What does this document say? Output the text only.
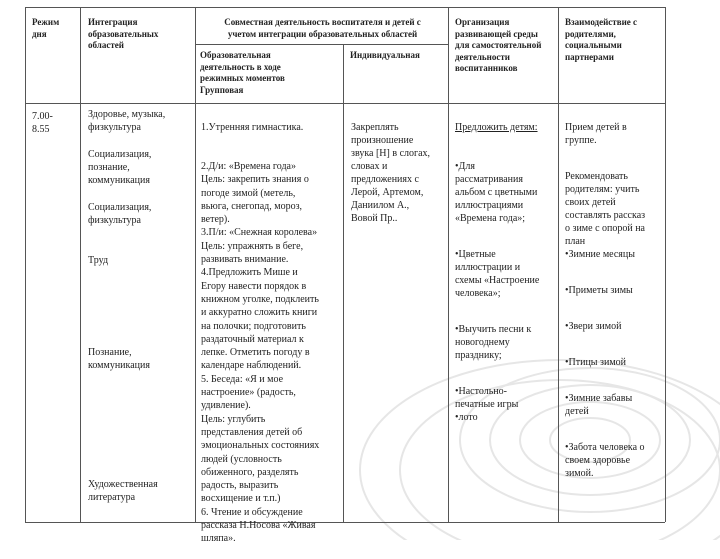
Режим
дня
Интеграция
образовательных
областей
Совместная деятельность воспитателя и детей с
учетом интеграции образовательных областей
Образовательная
деятельность в ходе
режимных моментов
Групповая
Индивидуальная
Организация
развивающей среды
для самостоятельной
деятельности
воспитанников
Взаимодействие с
родителями,
социальными
партнерами
7.00-
8.55

Здоровье, музыка,
физкультура

Социализация,
познание,
коммуникация

Социализация,
физкультура

Труд

Познание,
коммуникация

Художественная
литература

1.Утренняя гимнастика.

2.Д/и: «Времена года»
Цель: закрепить знания о
погоде зимой (метель,
вьюга, снегопад, мороз,
ветер).
3.П/и: «Снежная королева»
Цель: упражнять в беге,
развивать внимание.
4.Предложить Мише и
Егору навести порядок в
книжном уголке, подклеить
и аккуратно сложить книги
на полочки; подготовить
раздаточный материал к
лепке. Отметить погоду в
календаре наблюдений.
5. Беседа: «Я и мое
настроение» (радость,
удивление).
Цель: углубить
представления детей об
эмоциональных состояниях
людей (условность
обиженного, разделять
радость, выразить
восхищение и т.п.)
6. Чтение и обсуждение
рассказа Н.Носова «Живая
шляпа».

Закреплять
произношение
звука [Н] в слогах,
словах и
предложениях с
Лерой, Артемом,
Даниилом А.,
Вовой Пр..

Предложить детям:

•Для
рассматривания
альбом с цветными
иллюстрациями
«Времена года»;

•Цветные
иллюстрации и
схемы «Настроение
человека»;

•Выучить песни к
новогоднему
празднику;

•Настольно-
печатные игры
•лото

Прием детей в
группе.

Рекомендовать
родителям: учить
своих детей
составлять рассказ
о зиме с опорой на
план
•Зимние месяцы

•Приметы зимы

•Звери зимой

•Птицы зимой

•Зимние забавы
детей

•Забота человека о
своем здоровье
зимой.
